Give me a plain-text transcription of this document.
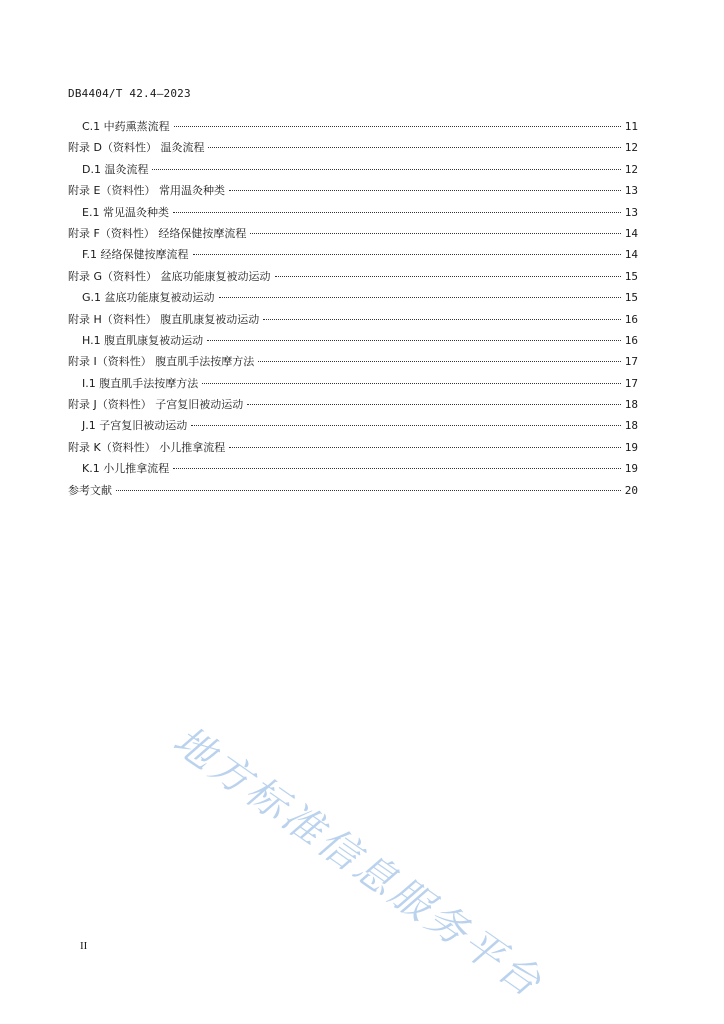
DB4404/T 42.4—2023
C.1 中药熏蒸流程	11
附录 D（资料性） 温灸流程	12
D.1 温灸流程	12
附录 E（资料性） 常用温灸种类	13
E.1 常见温灸种类	13
附录 F（资料性） 经络保健按摩流程	14
F.1 经络保健按摩流程	14
附录 G（资料性） 盆底功能康复被动运动	15
G.1 盆底功能康复被动运动	15
附录 H（资料性） 腹直肌康复被动运动	16
H.1 腹直肌康复被动运动	16
附录 I（资料性） 腹直肌手法按摩方法	17
I.1 腹直肌手法按摩方法	17
附录 J（资料性） 子宫复旧被动运动	18
J.1 子宫复旧被动运动	18
附录 K（资料性） 小儿推拿流程	19
K.1 小儿推拿流程	19
参考文献	20
地方标准信息服务平台
II
